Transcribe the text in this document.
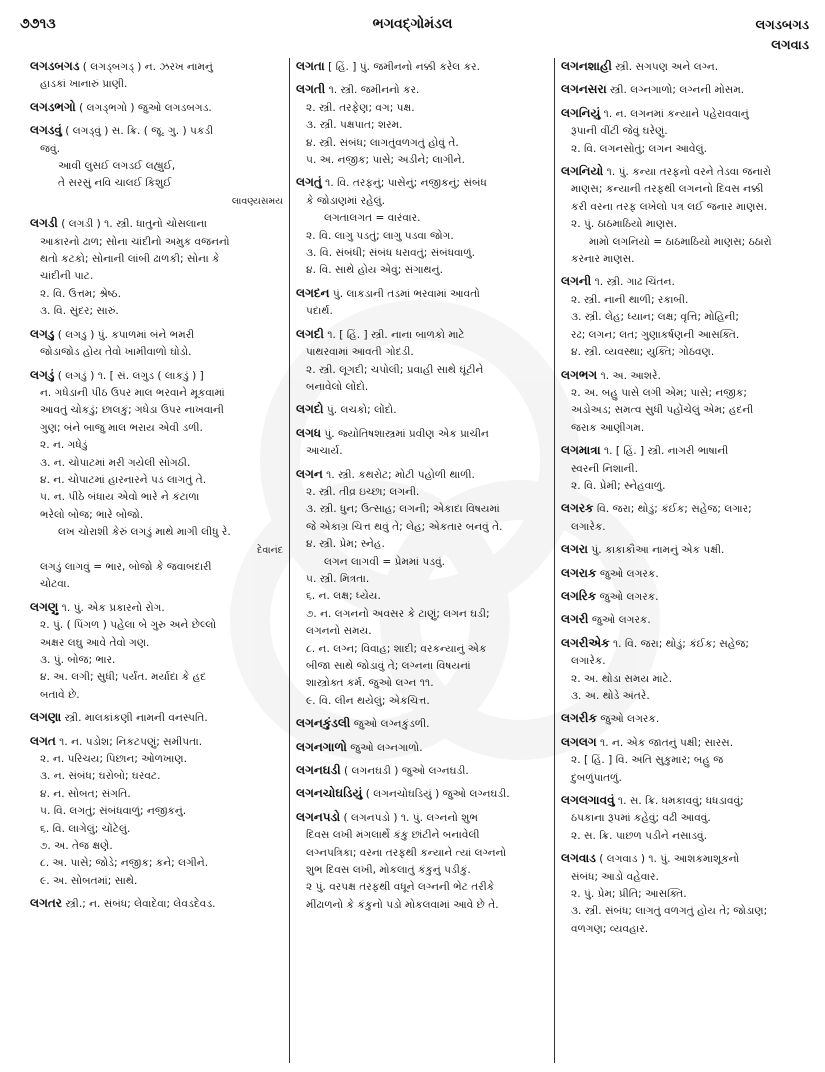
૭૭૧૩	ભગવદ્ગોમંડલ	લગડબગડ
લગવાડ
લગડબગડ ( લગડ્બગડ્ ) ન. ઝરખ નામનું
હાડકાં ખાનારું પ્રાણી.
લગડભગો ( લગડ્ભગો ) જુઓ લગડબગડ.
લગડવું ( લગડ્વું ) સ. ક્રિ. ( જૂ. ગુ. ) પકડી
જવું.
આવી લુસઈ લગડઈ લહ્યુઈ,
તે સરસું નવિ ચાલઈ કિશુઈ
લાવણ્યસમય
લગડી ( લગડી ) ૧. સ્ત્રી. ધાતુનો ચોસલાના
આકારનો ઢાળ; સોના ચાંદીનો અમુક વજનનો
થતો કટકો; સોનાની લાંબી ઢાળકી; સોના કે
ચાંદીની પાટ.
૨. વિ. ઉત્તમ; શ્રેષ્ઠ.
૩. વિ. સુંદર; સારું.
લગડુ ( લગડુ ) પું. કપાળમાં બંને ભમરી
જોડાજોડ હોય તેવો ખામીવાળો ઘોડો.
લગડું ( લગડું ) ૧. [ સં. લગુડ ( લાકડું ) ]
ન. ગધેડાની પીઠ ઉપર માલ ભરવાને મૂકવામાં
આવતું ચોકડું; છાલકું; ગધેડા ઉપર નાખવાની
ગુણ; બંને બાજુ માલ ભરાય એવી ડળી.
૨. ન. ગધેડું
૩. ન. ચોપાટમાં મરી ગયેલી સોગઠી.
૪. ન. ચોપાટમાં હારનારને પડ લાગતું તે.
૫. ન. પીઠે બંધાય એવો ભારે ને કંટાળા
ભરેલો બોજ; ભારે બોજો.
લખ ચોરાશી કેરું લગડું માથે માગી લીધુ રે.
દેવાનંદ
લગડું લાગવું = ભાર, બોજો કે જવાબદારી
ચોટવા.
લગણુ ૧. પું. એક પ્રકારનો રોગ.
૨. પું. ( પિંગળ ) પહેલા બે ગુરુ અને છેલ્લો
અક્ષર લઘુ આવે તેવો ગણ.
૩. પું. બોજ; ભાર.
૪. અ. લગી; સુધી; પર્યંત. મર્યાદા કે હદ
બતાવે છે.
લગણા સ્ત્રી. માલકાંકણી નામની વનસ્પતિ.
લગત ૧. ન. પડોશ; નિકટપણું; સમીપતા.
૨. ન. પરિચય; પિછાન; ઓળખાણ.
૩. ન. સંબંધ; ઘરોબો; ઘરવટ.
૪. ન. સોબત; સંગતિ.
૫. વિ. લગતું; સંબંધવાળું; નજીકનું.
૬. વિ. લાગેલું; ચોંટેલું.
૭. અ. તેજ ક્ષણે.
૮. અ. પાસે; જોડે; નજીક; કને; લગીને.
૯. અ. સોબતમાં; સાથે.
લગતર સ્ત્રી.; ન. સંબંધ; લેવાદેવા; લેવડદેવડ.
લગતા [ હિં. ] પું. જમીનનો નક્કી કરેલ કર.
લગતી ૧. સ્ત્રી. જમીનનો કર.
૨. સ્ત્રી. તરફેણ; વગ; પક્ષ.
૩. સ્ત્રી. પક્ષપાત; શરમ.
૪. સ્ત્રી. સંબંધ; લાગતુંવળગતું હોવું તે.
૫. અ. નજીક; પાસે; અડીને; લાગીને.
લગતું ૧. વિ. તરફનું; પાસેનું; નજીકનું; સંબંધ
કે જોડાણમાં રહેલું.
લગતાલગત = વારંવાર.
૨. વિ. લાગુ પડતું; લાગુ પડવા જોગ.
૩. વિ. સંબંધી; સંબંધ ધરાવતું; સંબંધવાળું.
૪. વિ. સાથે હોય એવું; સંગાથનું.
લગદન પું. લાકડાની તડમાં ભરવામાં આવતો
પદાર્થ.
લગદી ૧. [ હિં. ] સ્ત્રી. નાના બાળકો માટે
પાથરવામાં આવતી ગોદડી.
૨. સ્ત્રી. લૂગદી; ચપોલી; પ્રવાહી સાથે ઘૂંટીને
બનાવેલો લોંદો.
લગદો પું. લચકો; લોંદો.
લગધ પું. જ્યોતિષશાસ્ત્રમાં પ્રવીણ એક પ્રાચીન
આચાર્ય.
લગન ૧. સ્ત્રી. કથરોટ; મોટી પહોળી થાળી.
૨. સ્ત્રી. તીવ્ર ઇચ્છા; લગની.
૩. સ્ત્રી. ધુન; ઉત્સાહ; લગની; એકાદા વિષયમાં
જે એકાગ્ર ચિત્ત થવું તે; લેહ; એકતાર બનવું તે.
૪. સ્ત્રી. પ્રેમ; સ્નેહ.
લગન લાગવી = પ્રેમમાં પડવું.
૫. સ્ત્રી. મિત્રતા.
૬. ન. લક્ષ; ધ્યેય.
૭. ન. લગનનો અવસર કે ટાણું; લગન ઘડી;
લગનનો સમય.
૮. ન. લગ્ન; વિવાહ; શાદી; વરકન્યાનું એક
બીજા સાથે જોડાવું તે; લગ્નના વિષયનાં
શાસ્ત્રોક્ત કર્મ. જુઓ લગ્ન ૧૧.
૯. વિ. લીન થયેલું; એકચિત્ત.
લગનકુંડલી જુઓ લગ્નકુંડળી.
લગનગાળો જુઓ લગ્નગાળો.
લગનઘડી ( લગનઘડી ) જુઓ લગ્નઘડી.
લગનચોઘડિયું ( લગનચોઘડિયું ) જુઓ લગ્નઘડી.
લગનપડો ( લગનપડો ) ૧. પું. લગ્નનો શુભ
દિવસ લખી મંગલાર્થે કંકુ છાંટીને બનાવેલી
લગ્નપત્રિકા; વરના તરફથી કન્યાને ત્યાં લગ્નનો
શુભ દિવસ લખી, મોકલાતું કંકુનું પડીકું.
૨ પું. વરપક્ષ તરફથી વધૂને લગ્નની ભેટ તરીકે
મીંઢાળનો કે કંકુનો પડો મોકલવામાં આવે છે તે.
લગનશાહી સ્ત્રી. સગપણ અને લગ્ન.
લગનસરા સ્ત્રી. લગ્નગાળો; લગ્નની મોસમ.
લગનિયું ૧. ન. લગનમાં કન્યાને પહેરાવવાનું
રૂપાની વીંટી જેવું ઘરેણું.
૨. વિ. લગનસોતું; લગન આવેલું.
લગનિયો ૧. પું. કન્યા તરફનો વરને તેડવા જનારો
માણસ; કન્યાની તરફથી લગનનો દિવસ નક્કી
કરી વરના તરફ લખેલો પત્ર લઈ જનાર માણસ.
૨. પું. ઠાઠમાઠિયો માણસ.
મામો લગનિયો = ઠાઠમાઠિયો માણસ; ઠઠારો
કરનાર માણસ.
લગની ૧. સ્ત્રી. ગાઢ ચિંતન.
૨. સ્ત્રી. નાની થાળી; રકાબી.
૩. સ્ત્રી. લેહ; ધ્યાન; લક્ષ; વૃત્તિ; મોહિની;
રઢ; લગન; લત; ગુણાકર્ષણની આસક્તિ.
૪. સ્ત્રી. વ્યવસ્થા; યુક્તિ; ગોઠવણ.
લગભગ ૧. અ. આશરે.
૨. અ. બહુ પાસે લગી એમ; પાસે; નજીક;
અડોઅડ; સમત્વ સુધી પહોંચેલું એમ; હદની
જરાક આણીગમ.
લગમાત્રા ૧. [ હિં. ] સ્ત્રી. નાગરી ભાષાની
સ્વરની નિશાની.
૨. વિ. પ્રેમી; સ્નેહવાળું.
લગરક વિ. જરા; થોડું; કંઈક; સહેજ; લગાર;
લગારેક.
લગરા પું. કાકાકૌઆ નામનું એક પક્ષી.
લગરાક જુઓ લગરક.
લગરિક જુઓ લગરક.
લગરી જુઓ લગરક.
લગરીએક ૧. વિ. જરા; થોડું; કંઈક; સહેજ;
લગારેક.
૨. અ. થોડા સમય માટે.
૩. અ. થોડે અંતરે.
લગરીક જુઓ લગરક.
લગલગ ૧. ન. એક જાતનું પક્ષી; સારસ.
૨. [ હિં. ] વિ. અતિ સુકુમાર; બહુ જ
દુબળુંપાતળું.
લગલગાવવું ૧. સ. ક્રિ. ધમકાવવું; ધધડાવવું;
ઠપકાના રૂપમાં કહેવું; વઢી આવવું.
૨. સ. ક્રિ. પાછળ પડીને નસાડવું.
લગવાડ ( લગવાડ ) ૧. પું. આશકમાશૂકનો
સંબંધ; આડો વહેવાર.
૨. પું. પ્રેમ; પ્રીતિ; આસક્તિ.
૩. સ્ત્રી. સંબંધ; લાગતું વળગતું હોય તે; જોડાણ;
વળગણ; વ્યવહાર.
